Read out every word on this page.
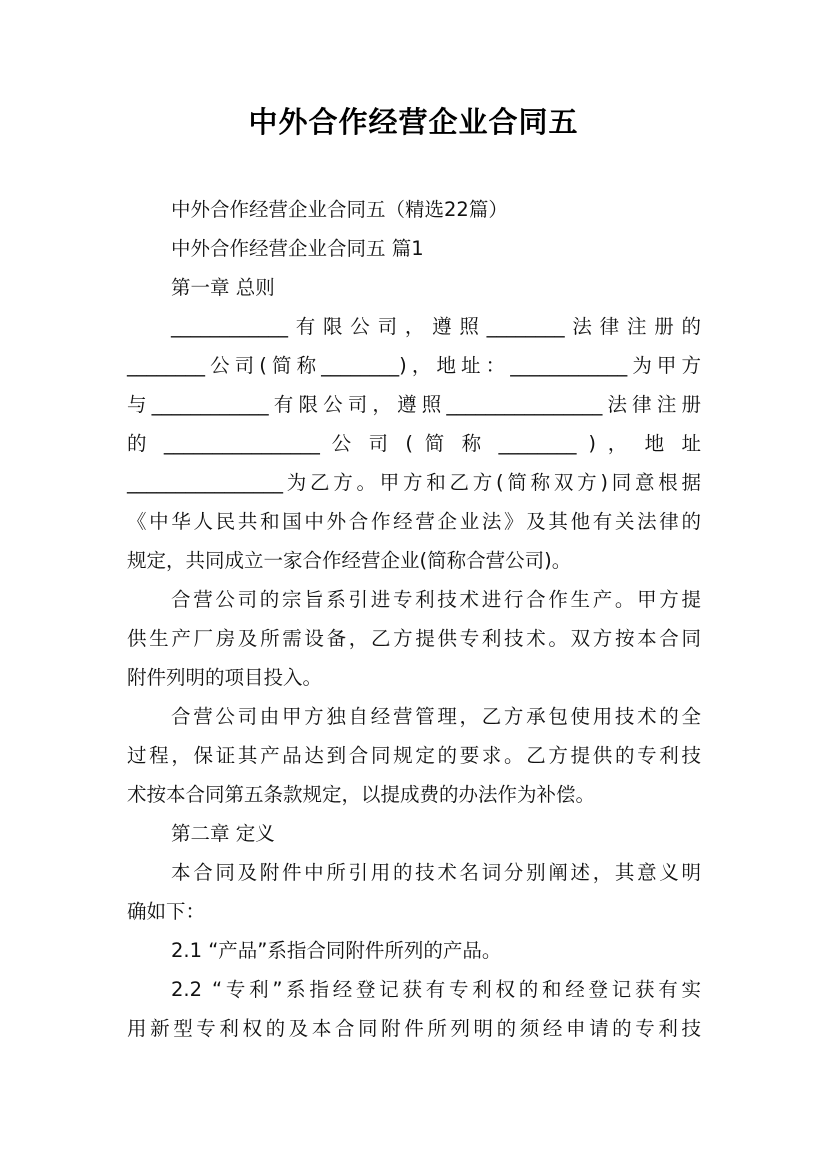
中外合作经营企业合同五
中外合作经营企业合同五（精选22篇）
中外合作经营企业合同五 篇1
第一章 总则
____________有限公司，遵照________法律注册的
________公司(简称________)，地址：____________为甲方
与____________有限公司，遵照________________法律注册
的 ________________ 公 司 ( 简 称 ________ ) ， 地 址
________________为乙方。甲方和乙方(简称双方)同意根据
《中华人民共和国中外合作经营企业法》及其他有关法律的
规定，共同成立一家合作经营企业(简称合营公司)。
合营公司的宗旨系引进专利技术进行合作生产。甲方提
供生产厂房及所需设备，乙方提供专利技术。双方按本合同
附件列明的项目投入。
合营公司由甲方独自经营管理，乙方承包使用技术的全
过程，保证其产品达到合同规定的要求。乙方提供的专利技
术按本合同第五条款规定，以提成费的办法作为补偿。
第二章 定义
本合同及附件中所引用的技术名词分别阐述，其意义明
确如下：
2.1 “产品”系指合同附件所列的产品。
2.2 “专利”系指经登记获有专利权的和经登记获有实
用新型专利权的及本合同附件所列明的须经申请的专利技
